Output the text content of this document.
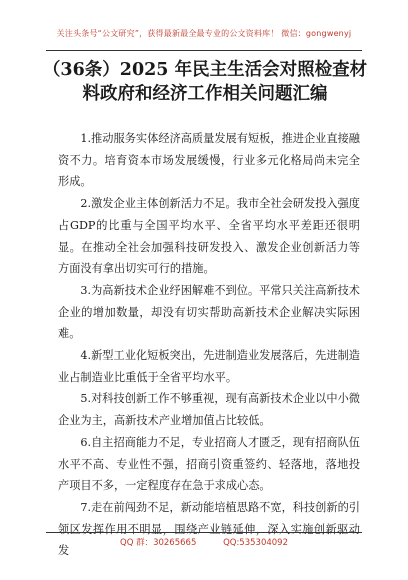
关注头条号“公文研究”，获得最新最全最专业的公文资料库！ 微信：gongwenyj
（36条）2025 年民主生活会对照检查材
料政府和经济工作相关问题汇编

1.推动服务实体经济高质量发展有短板，推进企业直接融资不力。培育资本市场发展缓慢，行业多元化格局尚未完全形成。

2.激发企业主体创新活力不足。我市全社会研发投入强度占GDP的比重与全国平均水平、全省平均水平差距还很明显。在推动全社会加强科技研发投入、激发企业创新活力等方面没有拿出切实可行的措施。

3.为高新技术企业纾困解难不到位。平常只关注高新技术企业的增加数量，却没有切实帮助高新技术企业解决实际困难。

4.新型工业化短板突出，先进制造业发展落后，先进制造业占制造业比重低于全省平均水平。

5.对科技创新工作不够重视，现有高新技术企业以中小微企业为主，高新技术产业增加值占比较低。

6.自主招商能力不足，专业招商人才匮乏，现有招商队伍水平不高、专业性不强，招商引资重签约、轻落地，落地投产项目不多，一定程度存在急于求成心态。

7.走在前闯劲不足，新动能培植思路不宽，科技创新的引领区发挥作用不明显，围绕产业链延伸，深入实施创新驱动发

QQ 群：30265665	QQ:535304092
